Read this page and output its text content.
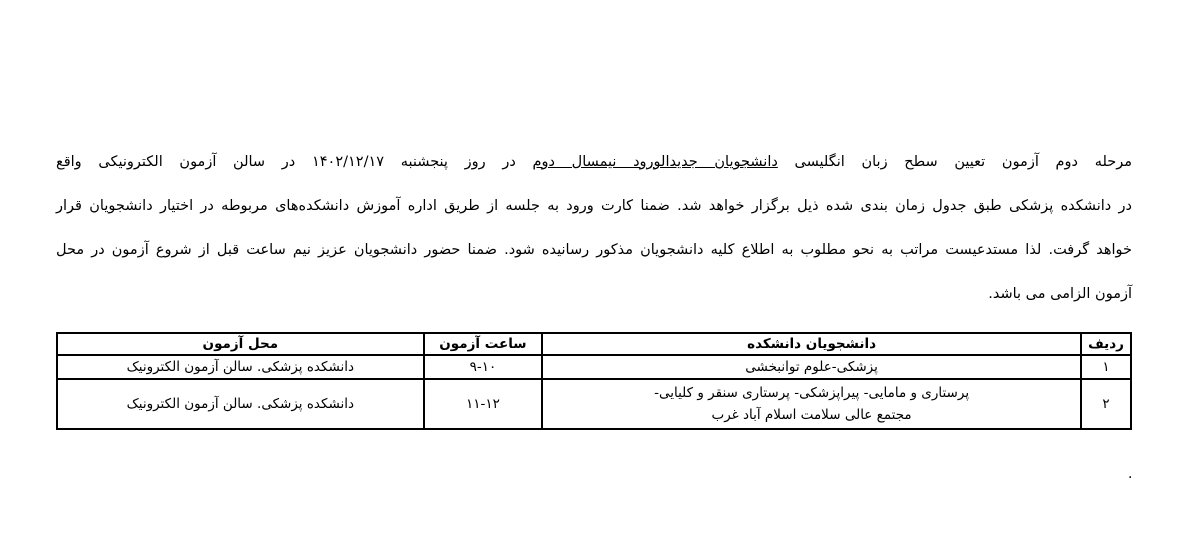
مرحله دوم آزمون تعیین سطح زبان انگلیسی دانشجویان جدیدالورود نیمسال دوم در روز پنجشنبه ۱۴۰۲/۱۲/۱۷ در سالن آزمون الکترونیکی واقع
در دانشکده پزشکی طبق جدول زمان بندی شده ذیل برگزار خواهد شد. ضمنا کارت ورود به جلسه از طریق اداره آموزش دانشکده‌های مربوطه در اختیار دانشجویان قرار
خواهد گرفت. لذا مستدعیست مراتب به نحو مطلوب به اطلاع کلیه دانشجویان مذکور رسانیده شود. ضمنا حضور دانشجویان عزیز نیم ساعت قبل از شروع آزمون در محل
آزمون الزامی می باشد.
ردیف	دانشجویان دانشکده	ساعت آزمون	محل آزمون
۱	پزشکی-علوم توانبخشی	۹-۱۰	دانشکده پزشکی. سالن آزمون الکترونیک
۲	پرستاری و مامایی- پیراپزشکی- پرستاری سنقر و کلیایی-
مجتمع عالی سلامت اسلام آباد غرب	۱۱-۱۲	دانشکده پزشکی. سالن آزمون الکترونیک
.
